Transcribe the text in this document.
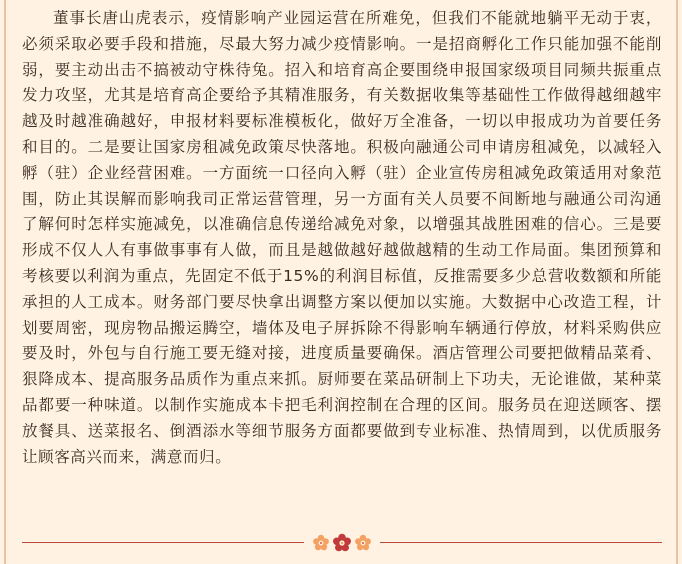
董事长唐山虎表示，疫情影响产业园运营在所难免，但我们不能就地躺平无动于衷，必须采取必要手段和措施，尽最大努力减少疫情影响。一是招商孵化工作只能加强不能削弱，要主动出击不搞被动守株待兔。招入和培育高企要围绕申报国家级项目同频共振重点发力攻坚，尤其是培育高企要给予其精准服务，有关数据收集等基础性工作做得越细越牢越及时越准确越好，申报材料要标准模板化，做好万全准备，一切以申报成功为首要任务和目的。二是要让国家房租减免政策尽快落地。积极向融通公司申请房租减免，以减轻入孵（驻）企业经营困难。一方面统一口径向入孵（驻）企业宣传房租减免政策适用对象范围，防止其误解而影响我司正常运营管理，另一方面有关人员要不间断地与融通公司沟通了解何时怎样实施减免，以准确信息传递给减免对象，以增强其战胜困难的信心。三是要形成不仅人人有事做事事有人做，而且是越做越好越做越精的生动工作局面。集团预算和考核要以利润为重点，先固定不低于15%的利润目标值，反推需要多少总营收数额和所能承担的人工成本。财务部门要尽快拿出调整方案以便加以实施。大数据中心改造工程，计划要周密，现房物品搬运腾空，墙体及电子屏拆除不得影响车辆通行停放，材料采购供应要及时，外包与自行施工要无缝对接，进度质量要确保。酒店管理公司要把做精品菜肴、狠降成本、提高服务品质作为重点来抓。厨师要在菜品研制上下功夫，无论谁做，某种菜品都要一种味道。以制作实施成本卡把毛利润控制在合理的区间。服务员在迎送顾客、摆放餐具、送菜报名、倒酒添水等细节服务方面都要做到专业标准、热情周到，以优质服务让顾客高兴而来，满意而归。
